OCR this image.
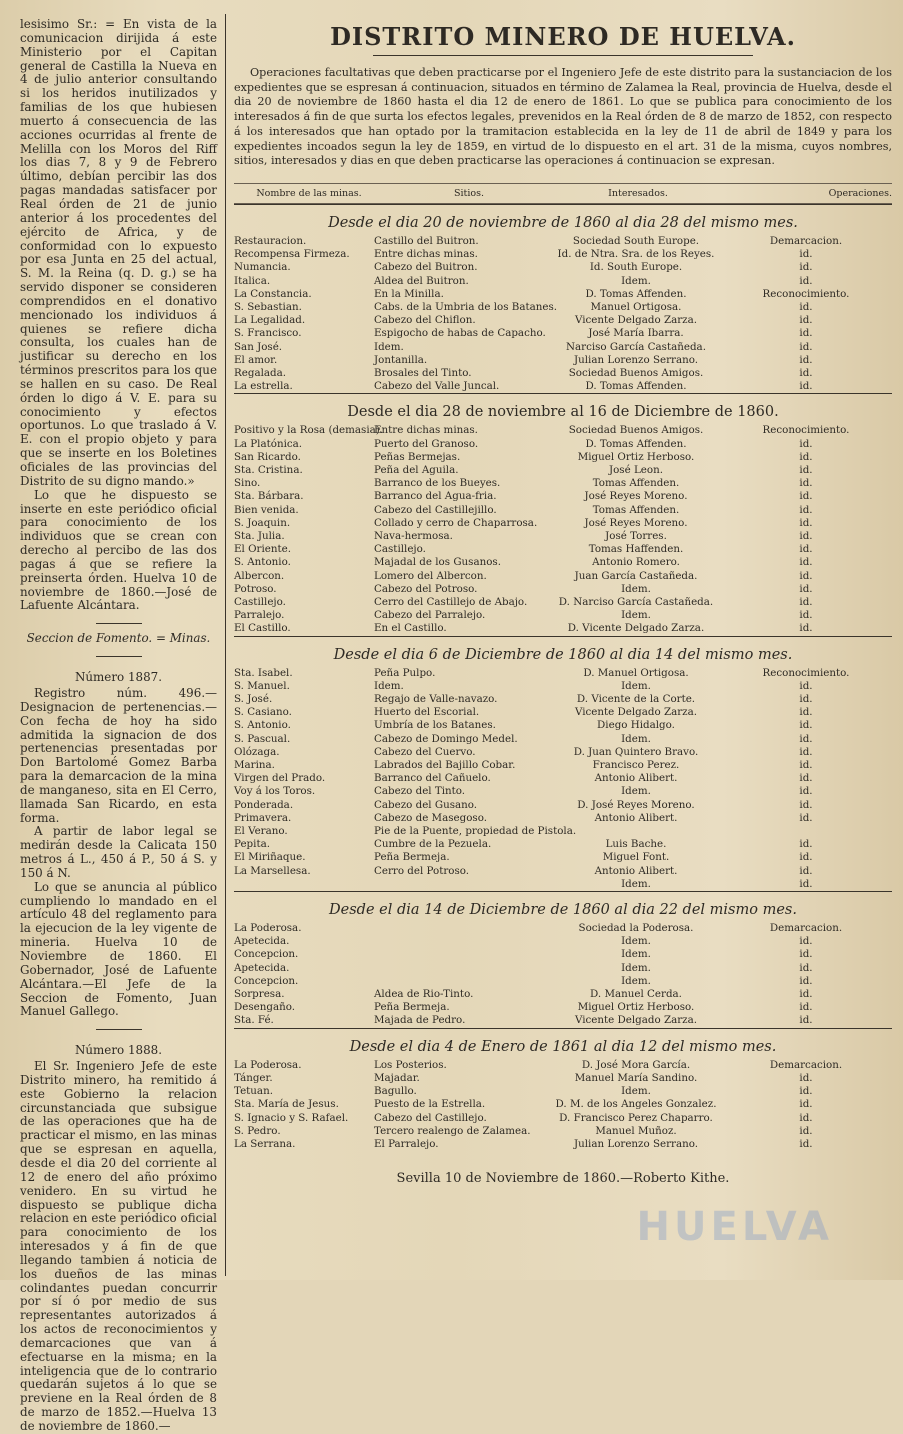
lesisimo Sr.: = En vista de la comunicacion dirijida á este Ministerio por el Capitan general de Castilla la Nueva en 4 de julio anterior consultando si los heridos inutilizados y familias de los que hubiesen muerto á consecuencia de las acciones ocurridas al frente de Melilla con los Moros del Riff los dias 7, 8 y 9 de Febrero último, debían percibir las dos pagas mandadas satisfacer por Real órden de 21 de junio anterior á los procedentes del ejército de Africa, y de conformidad con lo expuesto por esa Junta en 25 del actual, S. M. la Reina (q. D. g.) se ha servido disponer se consideren comprendidos en el donativo mencionado los individuos á quienes se refiere dicha consulta, los cuales han de justificar su derecho en los términos prescritos para los que se hallen en su caso. De Real órden lo digo á V. E. para su conocimiento y efectos oportunos. Lo que traslado á V. E. con el propio objeto y para que se inserte en los Boletines oficiales de las provincias del Distrito de su digno mando.»

Lo que he dispuesto se inserte en este periódico oficial para conocimiento de los individuos que se crean con derecho al percibo de las dos pagas á que se refiere la preinserta órden. Huelva 10 de noviembre de 1860.—José de Lafuente Alcántara.

Seccion de Fomento. = Minas.

Número 1887.

Registro núm. 496.—Designacion de pertenencias.—Con fecha de hoy ha sido admitida la signacion de dos pertenencias presentadas por Don Bartolomé Gomez Barba para la demarcacion de la mina de manganeso, sita en El Cerro, llamada San Ricardo, en esta forma.

A partir de labor legal se medirán desde la Calicata 150 metros á L., 450 á P., 50 á S. y 150 á N.

Lo que se anuncia al público cumpliendo lo mandado en el artículo 48 del reglamento para la ejecucion de la ley vigente de mineria. Huelva 10 de Noviembre de 1860. El Gobernador, José de Lafuente Alcántara.—El Jefe de la Seccion de Fomento, Juan Manuel Gallego.

Número 1888.

El Sr. Ingeniero Jefe de este Distrito minero, ha remitido á este Gobierno la relacion circunstanciada que subsigue de las operaciones que ha de practicar el mismo, en las minas que se espresan en aquella, desde el dia 20 del corriente al 12 de enero del año próximo venidero. En su virtud he dispuesto se publique dicha relacion en este periódico oficial para conocimiento de los interesados y á fin de que llegando tambien á noticia de los dueños de las minas colindantes puedan concurrir por sí ó por medio de sus representantes autorizados á los actos de reconocimientos y demarcaciones que van á efectuarse en la misma; en la inteligencia que de lo contrario quedarán sujetos á lo que se previene en la Real órden de 8 de marzo de 1852.—Huelva 13 de noviembre de 1860.—

DISTRITO MINERO DE HUELVA.

Operaciones facultativas que deben practicarse por el Ingeniero Jefe de este distrito para la sustanciacion de los expedientes que se espresan á continuacion, situados en término de Zalamea la Real, provincia de Huelva, desde el dia 20 de noviembre de 1860 hasta el dia 12 de enero de 1861. Lo que se publica para conocimiento de los interesados á fin de que surta los efectos legales, prevenidos en la Real órden de 8 de marzo de 1852, con respecto á los interesados que han optado por la tramitacion establecida en la ley de 11 de abril de 1849 y para los expedientes incoados segun la ley de 1859, en virtud de lo dispuesto en el art. 31 de la misma, cuyos nombres, sitios, interesados y dias en que deben practicarse las operaciones á continuacion se expresan.

Nombre de las minas.	Sitios.	Interesados.	Operaciones.
Desde el dia 20 de noviembre de 1860 al dia 28 del mismo mes.
Restauracion.	Castillo del Buitron.	Sociedad South Europe.	Demarcacion.
Recompensa Firmeza.	Entre dichas minas.	Id. de Ntra. Sra. de los Reyes.	id.
Numancia.	Cabezo del Buitron.	Id. South Europe.	id.
Italica.	Aldea del Buitron.	Idem.	id.
La Constancia.	En la Minilla.	D. Tomas Affenden.	Reconocimiento.
S. Sebastian.	Cabs. de la Umbria de los Batanes.	Manuel Ortigosa.	id.
La Legalidad.	Cabezo del Chiflon.	Vicente Delgado Zarza.	id.
S. Francisco.	Espigocho de habas de Capacho.	José María Ibarra.	id.
San José.	Idem.	Narciso García Castañeda.	id.
El amor.	Jontanilla.	Julian Lorenzo Serrano.	id.
Regalada.	Brosales del Tinto.	Sociedad Buenos Amigos.	id.
La estrella.	Cabezo del Valle Juncal.	D. Tomas Affenden.	id.
Desde el dia 28 de noviembre al 16 de Diciembre de 1860.
Positivo y la Rosa (demasia).	Entre dichas minas.	Sociedad Buenos Amigos.	Reconocimiento.
La Platónica.	Puerto del Granoso.	D. Tomas Affenden.	id.
San Ricardo.	Peñas Bermejas.	Miguel Ortiz Herboso.	id.
Sta. Cristina.	Peña del Aguila.	José Leon.	id.
Sino.	Barranco de los Bueyes.	Tomas Affenden.	id.
Sta. Bárbara.	Barranco del Agua-fria.	José Reyes Moreno.	id.
Bien venida.	Cabezo del Castillejillo.	Tomas Affenden.	id.
S. Joaquin.	Collado y cerro de Chaparrosa.	José Reyes Moreno.	id.
Sta. Julia.	Nava-hermosa.	José Torres.	id.
El Oriente.	Castillejo.	Tomas Haffenden.	id.
S. Antonio.	Majadal de los Gusanos.	Antonio Romero.	id.
Albercon.	Lomero del Albercon.	Juan García Castañeda.	id.
Potroso.	Cabezo del Potroso.	Idem.	id.
Castillejo.	Cerro del Castillejo de Abajo.	D. Narciso García Castañeda.	id.
Parralejo.	Cabezo del Parralejo.	Idem.	id.
El Castillo.	En el Castillo.	D. Vicente Delgado Zarza.	id.
Desde el dia 6 de Diciembre de 1860 al dia 14 del mismo mes.
Sta. Isabel.	Peña Pulpo.	D. Manuel Ortigosa.	Reconocimiento.
S. Manuel.	Idem.	Idem.	id.
S. José.	Regajo de Valle-navazo.	D. Vicente de la Corte.	id.
S. Casiano.	Huerto del Escorial.	Vicente Delgado Zarza.	id.
S. Antonio.	Umbría de los Batanes.	Diego Hidalgo.	id.
S. Pascual.	Cabezo de Domingo Medel.	Idem.	id.
Olózaga.	Cabezo del Cuervo.	D. Juan Quintero Bravo.	id.
Marina.	Labrados del Bajillo Cobar.	Francisco Perez.	id.
Virgen del Prado.	Barranco del Cañuelo.	Antonio Alibert.	id.
Voy á los Toros.	Cabezo del Tinto.	Idem.	id.
Ponderada.	Cabezo del Gusano.	D. José Reyes Moreno.	id.
Primavera.	Cabezo de Masegoso.	Antonio Alibert.	id.
El Verano.	Pie de la Puente, propiedad de Pistola.		
Pepita.	Cumbre de la Pezuela.	Luis Bache.	id.
El Miriñaque.	Peña Bermeja.	Miguel Font.	id.
La Marsellesa.	Cerro del Potroso.	Antonio Alibert.	id.
		Idem.	id.
Desde el dia 14 de Diciembre de 1860 al dia 22 del mismo mes.
La Poderosa.		Sociedad la Poderosa.	Demarcacion.
Apetecida.		Idem.	id.
Concepcion.		Idem.	id.
Apetecida.		Idem.	id.
Concepcion.		Idem.	id.
Sorpresa.	Aldea de Rio-Tinto.	D. Manuel Cerda.	id.
Desengaño.	Peña Bermeja.	Miguel Ortiz Herboso.	id.
Sta. Fé.	Majada de Pedro.	Vicente Delgado Zarza.	id.
Desde el dia 4 de Enero de 1861 al dia 12 del mismo mes.
La Poderosa.	Los Posterios.	D. José Mora García.	Demarcacion.
Tánger.	Majadar.	Manuel María Sandino.	id.
Tetuan.	Bagullo.	Idem.	id.
Sta. María de Jesus.	Puesto de la Estrella.	D. M. de los Angeles Gonzalez.	id.
S. Ignacio y S. Rafael.	Cabezo del Castillejo.	D. Francisco Perez Chaparro.	id.
S. Pedro.	Tercero realengo de Zalamea.	Manuel Muñoz.	id.
La Serrana.	El Parralejo.	Julian Lorenzo Serrano.	id.
Sevilla 10 de Noviembre de 1860.—Roberto Kithe.
HUELVA
